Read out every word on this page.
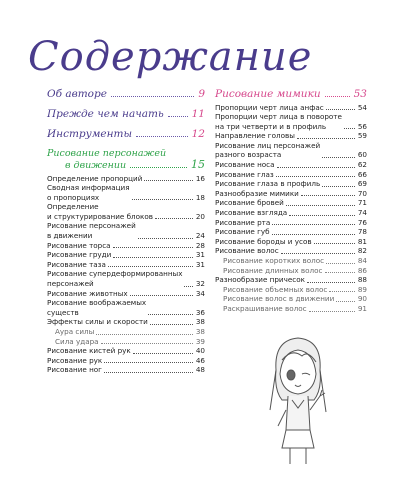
Содержание
Об авторе	9
Прежде чем начать	11
Инструменты	12
Рисование персонажей
в движении	15
Определение пропорций	16
Сводная информация
о пропорциях	18
Определение
и структурирование блоков	20
Рисование персонажей
в движении	24
Рисование торса	28
Рисование груди	31
Рисование таза	31
Рисование супердеформированных
персонажей	32
Рисование животных	34
Рисование воображаемых
существ	36
Эффекты силы и скорости	38
Аура силы	38
Сила удара	39
Рисование кистей рук	40
Рисование рук	46
Рисование ног	48
Рисование мимики	53
Пропорции черт лица анфас	54
Пропорции черт лица в повороте
на три четверти и в профиль	56
Направление головы	59
Рисование лиц персонажей
разного возраста	60
Рисование носа	62
Рисование глаз	66
Рисование глаза в профиль	69
Разнообразие мимики	70
Рисование бровей	71
Рисование взгляда	74
Рисование рта	76
Рисование губ	78
Рисование бороды и усов	81
Рисование волос	82
Рисование коротких волос	84
Рисование длинных волос	86
Разнообразие причесок	88
Рисование объемных волос	89
Рисование волос в движении	90
Раскрашивание волос	91
